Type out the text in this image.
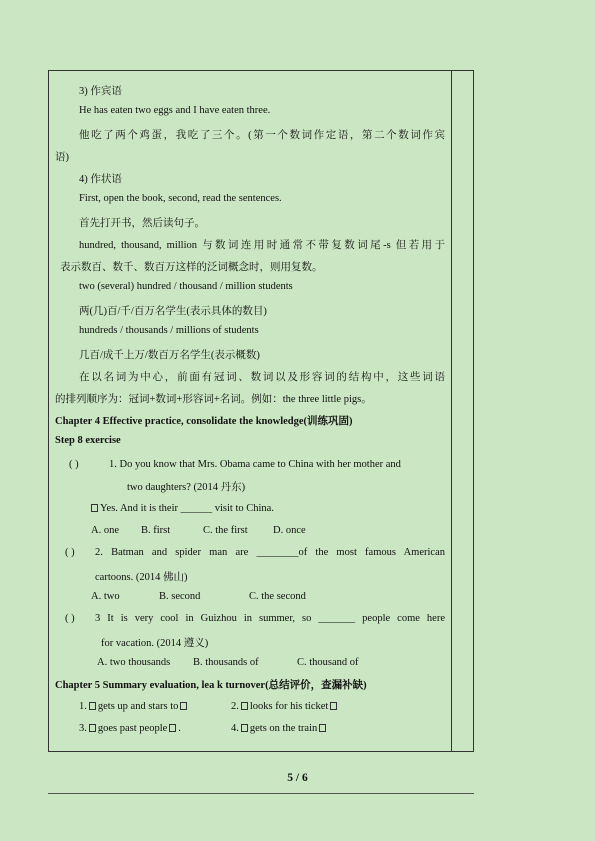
3) 作宾语
He has eaten two eggs and I have eaten three.
他吃了两个鸡蛋，我吃了三个。(第一个数词作定语，第二个数词作宾
语)
4) 作状语
First, open the book, second, read the sentences.
首先打开书，然后读句子。
hundred, thousand, million 与数词连用时通常不带复数词尾-s 但若用于
表示数百、数千、数百万这样的泛词概念时，则用复数。
two (several) hundred / thousand / million students
两(几)百/千/百万名学生(表示具体的数目)
hundreds / thousands / millions of students
几百/成千上万/数百万名学生(表示概数)
在以名词为中心，前面有冠词、数词以及形容词的结构中，这些词语
的排列顺序为：冠词+数词+形容词+名词。例如：the three little pigs。
Chapter 4 Effective practice, consolidate the knowledge(训练巩固)
Step 8 exercise
( )	1. Do you know that Mrs. Obama came to China with her mother and
two daughters? (2014 丹东)
Yes. And it is their ______ visit to China.
A. one B. first	C. the first D. once
( ) 2. Batman and spider man are ________of the most famous American
cartoons. (2014 佛山)
A. two	B. second	C. the second
( ) 3 It is very cool in Guizhou in summer, so _______ people come here
for vacation. (2014 遵义)
A. two thousands B. thousands of	C. thousand of
Chapter 5 Summary evaluation, lea k turnover(总结评价，查漏补缺)
1. gets up and stars to	2. looks for his ticket
3. goes past people .	4. gets on the train
5 / 6
